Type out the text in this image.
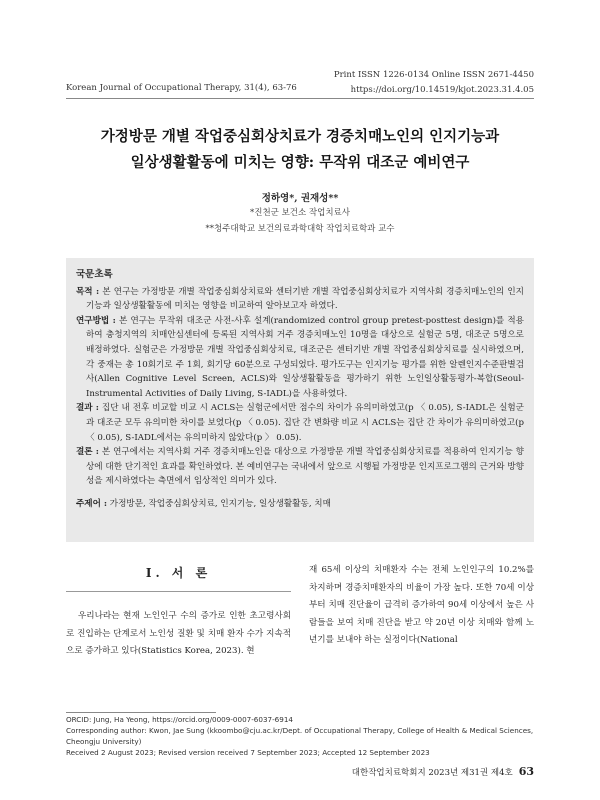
Print ISSN 1226-0134 Online ISSN 2671-4450
https://doi.org/10.14519/kjot.2023.31.4.05
Korean Journal of Occupational Therapy, 31(4), 63-76
가정방문 개별 작업중심회상치료가 경증치매노인의 인지기능과
일상생활활동에 미치는 영향: 무작위 대조군 예비연구
정하영*, 권재성**
*진천군 보건소 작업치료사
**청주대학교 보건의료과학대학 작업치료학과 교수
국문초록

목적 : 본 연구는 가정방문 개별 작업중심회상치료와 센터기반 개별 작업중심회상치료가 지역사회 경증치매노인의 인지기능과 일상생활활동에 미치는 영향을 비교하여 알아보고자 하였다.

연구방법 : 본 연구는 무작위 대조군 사전-사후 설계(randomized control group pretest-posttest design)를 적용하여 충청지역의 치매안심센터에 등록된 지역사회 거주 경증치매노인 10명을 대상으로 실험군 5명, 대조군 5명으로 배정하였다. 실험군은 가정방문 개별 작업중심회상치료, 대조군은 센터기반 개별 작업중심회상치료를 실시하였으며, 각 중재는 총 10회기로 주 1회, 회기당 60분으로 구성되었다. 평가도구는 인지기능 평가를 위한 알렌인지수준판별검사(Allen Cognitive Level Screen, ACLS)와 일상생활활동을 평가하기 위한 노인일상활동평가-복합(Seoul-Instrumental Activities of Daily Living, S-IADL)을 사용하였다.

결과 : 집단 내 전후 비교할 비교 시 ACLS는 실험군에서만 점수의 차이가 유의미하였고(p 〈 0.05), S-IADL은 실험군과 대조군 모두 유의미한 차이를 보였다(p 〈 0.05). 집단 간 변화량 비교 시 ACLS는 집단 간 차이가 유의미하였고(p 〈 0.05), S-IADL에서는 유의미하지 않았다(p 〉 0.05).

결론 : 본 연구에서는 지역사회 거주 경증치매노인을 대상으로 가정방문 개별 작업중심회상치료를 적용하여 인지기능 향상에 대한 단기적인 효과를 확인하였다. 본 예비연구는 국내에서 앞으로 시행될 가정방문 인지프로그램의 근거와 방향성을 제시하였다는 측면에서 임상적인 의미가 있다.

주제어 : 가정방문, 작업중심회상치료, 인지기능, 일상생활활동, 치매

Ⅰ. 서 론
우리나라는 현재 노인인구 수의 증가로 인한 초고령사회 로 진입하는 단계로서 노인성 질환 및 치매 환자 수가 지속적으로 증가하고 있다(Statistics Korea, 2023). 현
재 65세 이상의 치매환자 수는 전체 노인인구의 10.2%를 차지하며 경증치매환자의 비율이 가장 높다. 또한 70세 이상부터 치매 진단율이 급격히 증가하여 90세 이상에서 높은 사람들을 보여 치매 진단을 받고 약 20년 이상 치매와 함께 노년기를 보내야 하는 실정이다(National
ORCID: Jung, Ha Yeong, https://orcid.org/0009-0007-6037-6914
Corresponding author: Kwon, Jae Sung (kkoombo@cju.ac.kr/Dept. of Occupational Therapy, College of Health & Medical Sciences, Cheongju University)
Received 2 August 2023; Revised version received 7 September 2023; Accepted 12 September 2023
대한작업치료학회지 2023년 제31권 제4호 63
